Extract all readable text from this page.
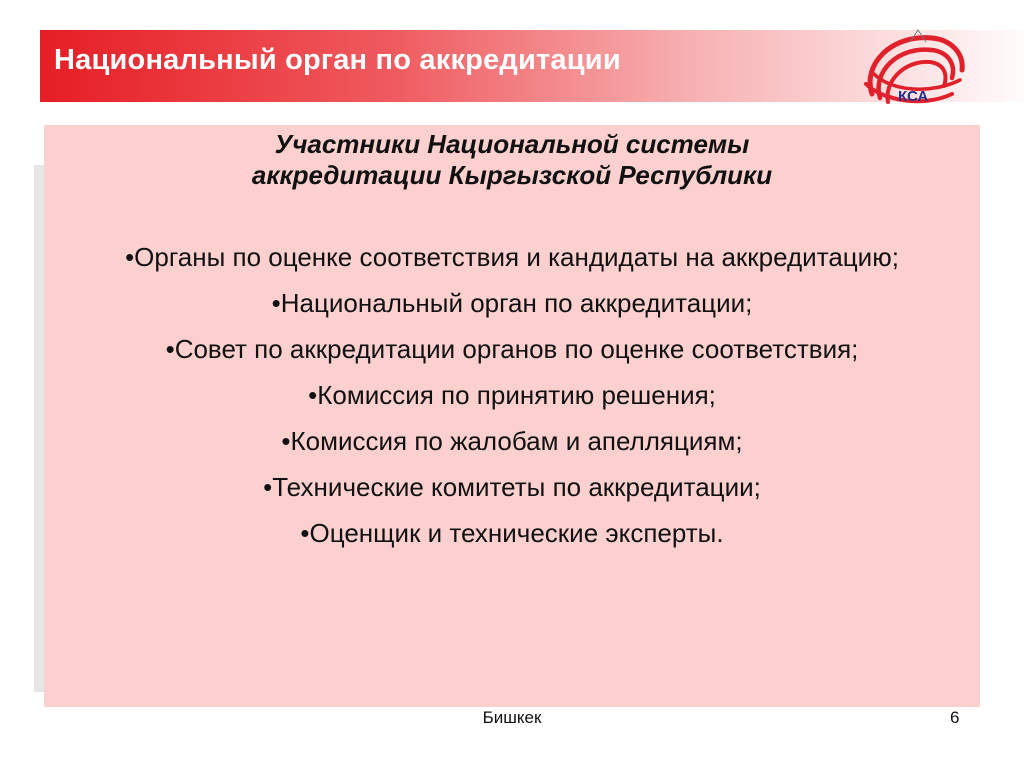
Национальный орган по аккредитации
КСА
Участники Национальной системы
аккредитации Кыргызской Республики
• Органы по оценке соответствия и кандидаты на аккредитацию;
• Национальный орган по аккредитации;
• Совет по аккредитации органов по оценке соответствия;
• Комиссия по принятию решения;
• Комиссия по жалобам и апелляциям;
• Технические комитеты по аккредитации;
• Оценщик и технические эксперты.
Бишкек	6
